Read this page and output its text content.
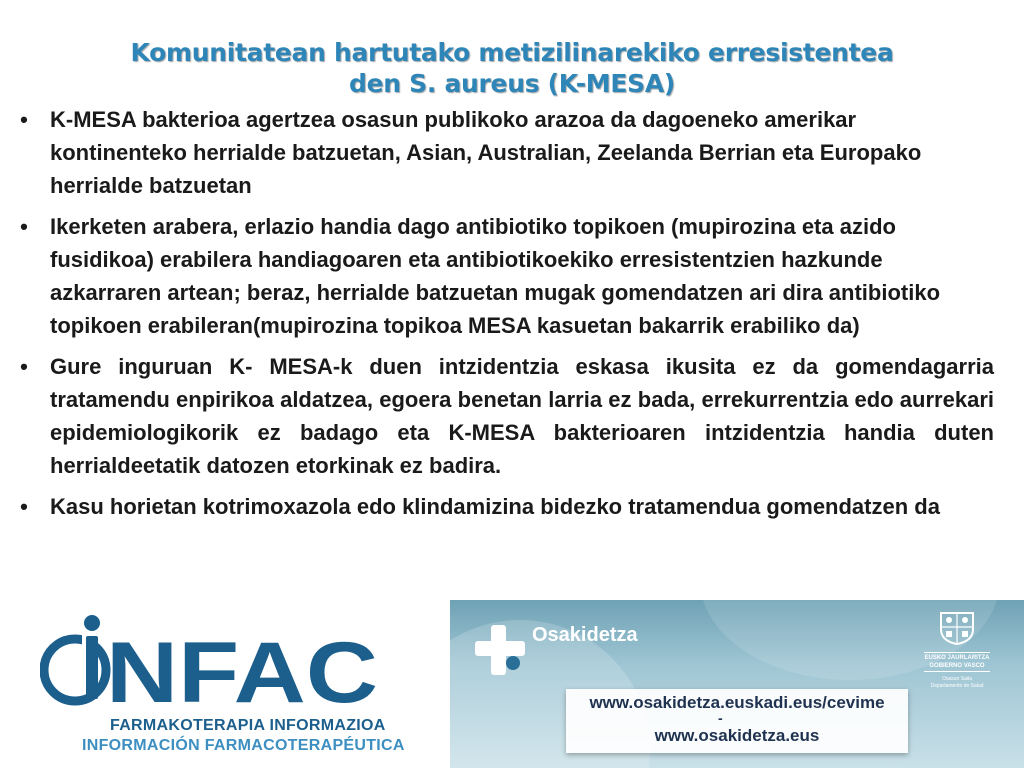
Komunitatean hartutako metizilinarekiko erresistentea
den S. aureus (K-MESA)
• K-MESA bakterioa agertzea osasun publikoko arazoa da dagoeneko amerikar kontinenteko herrialde batzuetan, Asian, Australian, Zeelanda Berrian eta Europako herrialde batzuetan
• Ikerketen arabera, erlazio handia dago antibiotiko topikoen (mupirozina eta azido fusidikoa) erabilera handiagoaren eta antibiotikoekiko erresistentzien hazkunde azkarraren artean; beraz, herrialde batzuetan mugak gomendatzen ari dira antibiotiko topikoen erabileran(mupirozina topikoa MESA kasuetan bakarrik erabiliko da)
• Gure inguruan K- MESA-k duen intzidentzia eskasa ikusita ez da gomendagarria tratamendu enpirikoa aldatzea, egoera benetan larria ez bada, errekurrentzia edo aurrekari epidemiologikorik ez badago eta K-MESA bakterioaren intzidentzia handia duten herrialdeetatik datozen etorkinak ez badira.
• Kasu horietan kotrimoxazola edo klindamizina bidezko tratamendua gomendatzen da
Osakidetza
www.osakidetza.euskadi.eus/cevime
-
www.osakidetza.eus
EUSKO JAURLARITZA
GOBIERNO VASCO
Osasun Saila
Departamento de Salud
NFAC
FARMAKOTERAPIA INFORMAZIOA
INFORMACIÓN FARMACOTERAPÉUTICA
